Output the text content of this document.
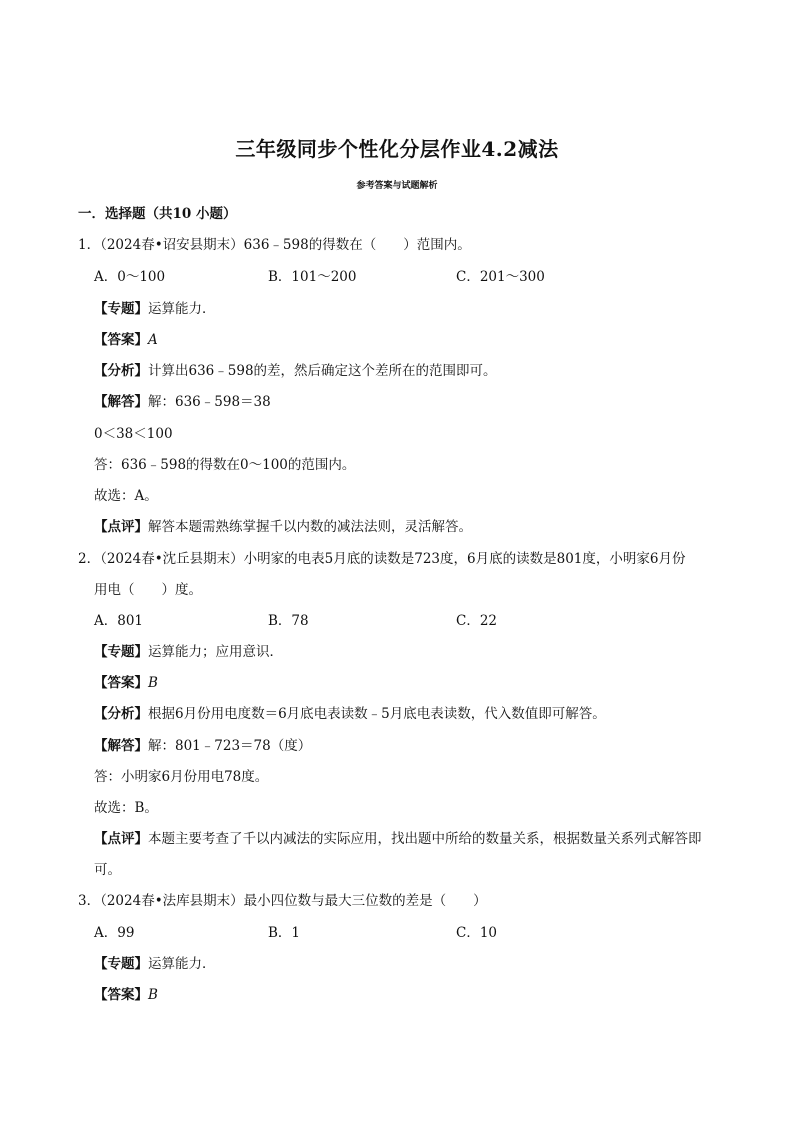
三年级同步个性化分层作业4.2减法
参考答案与试题解析
一．选择题（共10 小题）
1．（2024春•诏安县期末）636﹣598的得数在（　　）范围内。
A．0～100	B．101～200	C．201～300
【专题】运算能力．
【答案】A
【分析】计算出636﹣598的差，然后确定这个差所在的范围即可。
【解答】解：636﹣598＝38
0＜38＜100
答：636﹣598的得数在0～100的范围内。
故选：A。
【点评】解答本题需熟练掌握千以内数的减法法则，灵活解答。
2．（2024春•沈丘县期末）小明家的电表5月底的读数是723度，6月底的读数是801度，小明家6月份
用电（　　）度。
A．801	B．78	C．22
【专题】运算能力；应用意识．
【答案】B
【分析】根据6月份用电度数＝6月底电表读数﹣5月底电表读数，代入数值即可解答。
【解答】解：801﹣723＝78（度）
答：小明家6月份用电78度。
故选：B。
【点评】本题主要考查了千以内减法的实际应用，找出题中所给的数量关系，根据数量关系列式解答即
可。
3．（2024春•法库县期末）最小四位数与最大三位数的差是（　　）
A．99	B．1	C．10
【专题】运算能力．
【答案】B
